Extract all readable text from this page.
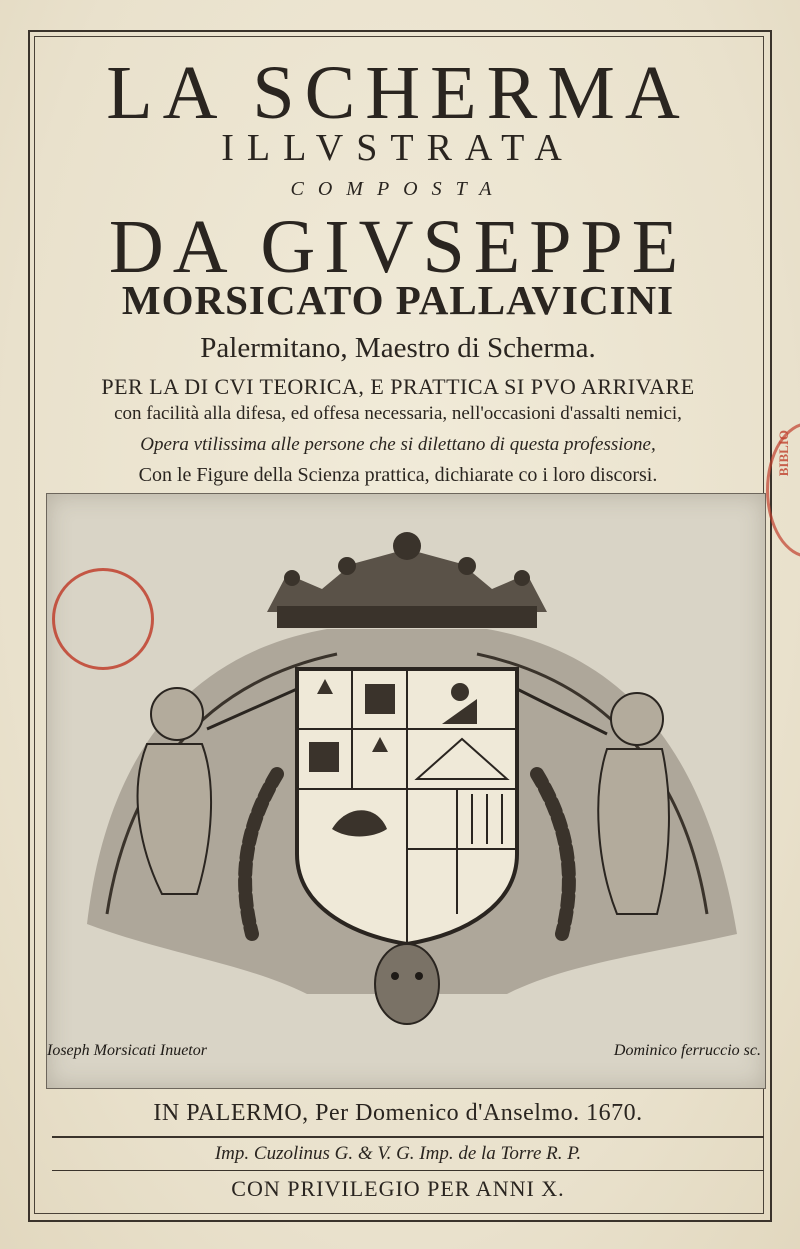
LA SCHERMA
ILLVSTRATA
COMPOSTA
DA GIVSEPPE
MORSICATO PALLAVICINI
Palermitano, Maestro di Scherma.
PER LA DI CVI TEORICA, E PRATTICA SI PVO ARRIVARE
con facilità alla difesa, ed offesa necessaria, nell'occasioni d'assalti nemici,
Opera vtilissima alle persone che si dilettano di questa professione,
Con le Figure della Scienza prattica, dichiarate co i loro discorsi.
Ioseph Morsicati Inuetor	Dominico ferruccio sc.
BIBLIO
IN PALERMO, Per Domenico d'Anselmo. 1670.
Imp. Cuzolinus G. & V. G. Imp. de la Torre R. P.
CON PRIVILEGIO PER ANNI X.
